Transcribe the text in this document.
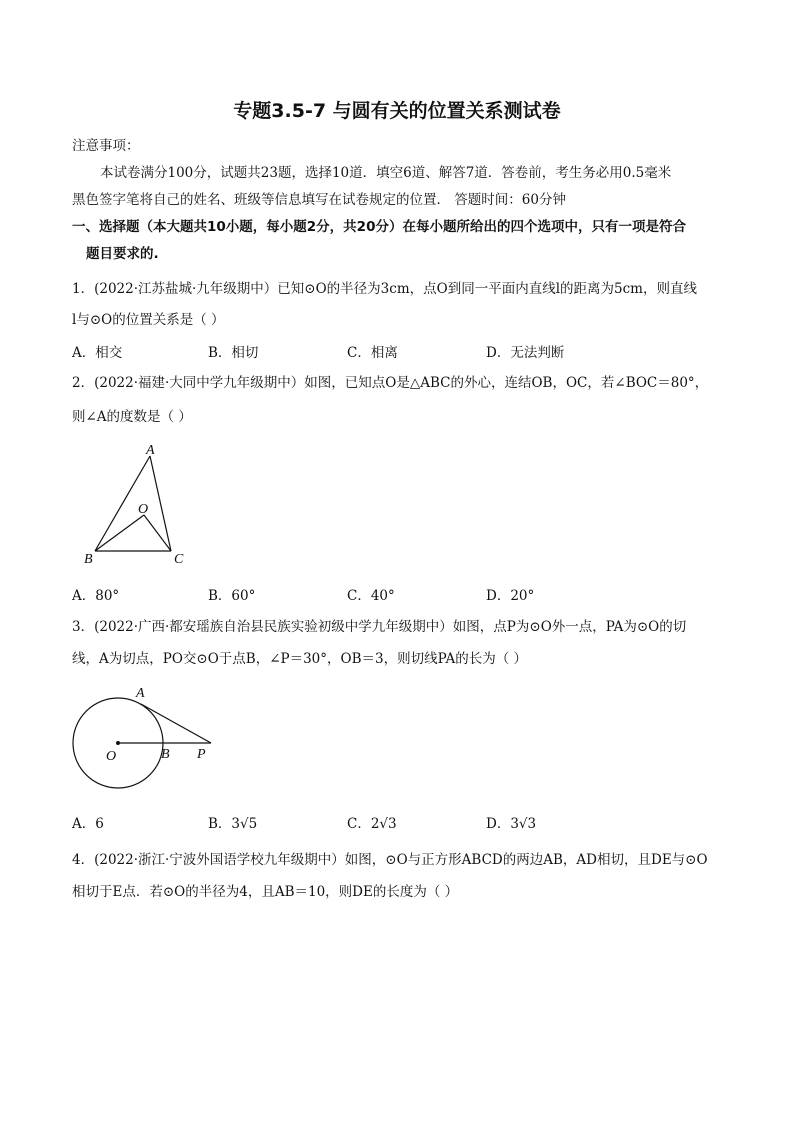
专题3.5-7 与圆有关的位置关系测试卷
注意事项：
本试卷满分100分，试题共23题，选择10道．填空6道、解答7道．答卷前，考生务必用0.5毫米
黑色签字笔将自己的姓名、班级等信息填写在试卷规定的位置． 答题时间：60分钟
一、选择题（本大题共10小题，每小题2分，共20分）在每小题所给出的四个选项中，只有一项是符合
题目要求的.
1．(2022·江苏盐城·九年级期中）已知⊙O的半径为3cm，点O到同一平面内直线l的距离为5cm，则直线
l与⊙O的位置关系是（ ）
A．相交	B．相切	C．相离	D．无法判断
2．(2022·福建·大同中学九年级期中）如图，已知点O是△ABC的外心，连结OB，OC，若∠BOC＝80°，
则∠A的度数是（ ）
A
O
B	C
A．80°	B．60°	C．40°	D．20°
3．(2022·广西·都安瑶族自治县民族实验初级中学九年级期中）如图，点P为⊙O外一点，PA为⊙O的切
线，A为切点，PO交⊙O于点B，∠P＝30°，OB＝3，则切线PA的长为（ ）
A
O	B P
A．6	B．3√5	C．2√3	D．3√3
4．(2022·浙江·宁波外国语学校九年级期中）如图，⊙O与正方形ABCD的两边AB，AD相切，且DE与⊙O
相切于E点．若⊙O的半径为4，且AB＝10，则DE的长度为（ ）
